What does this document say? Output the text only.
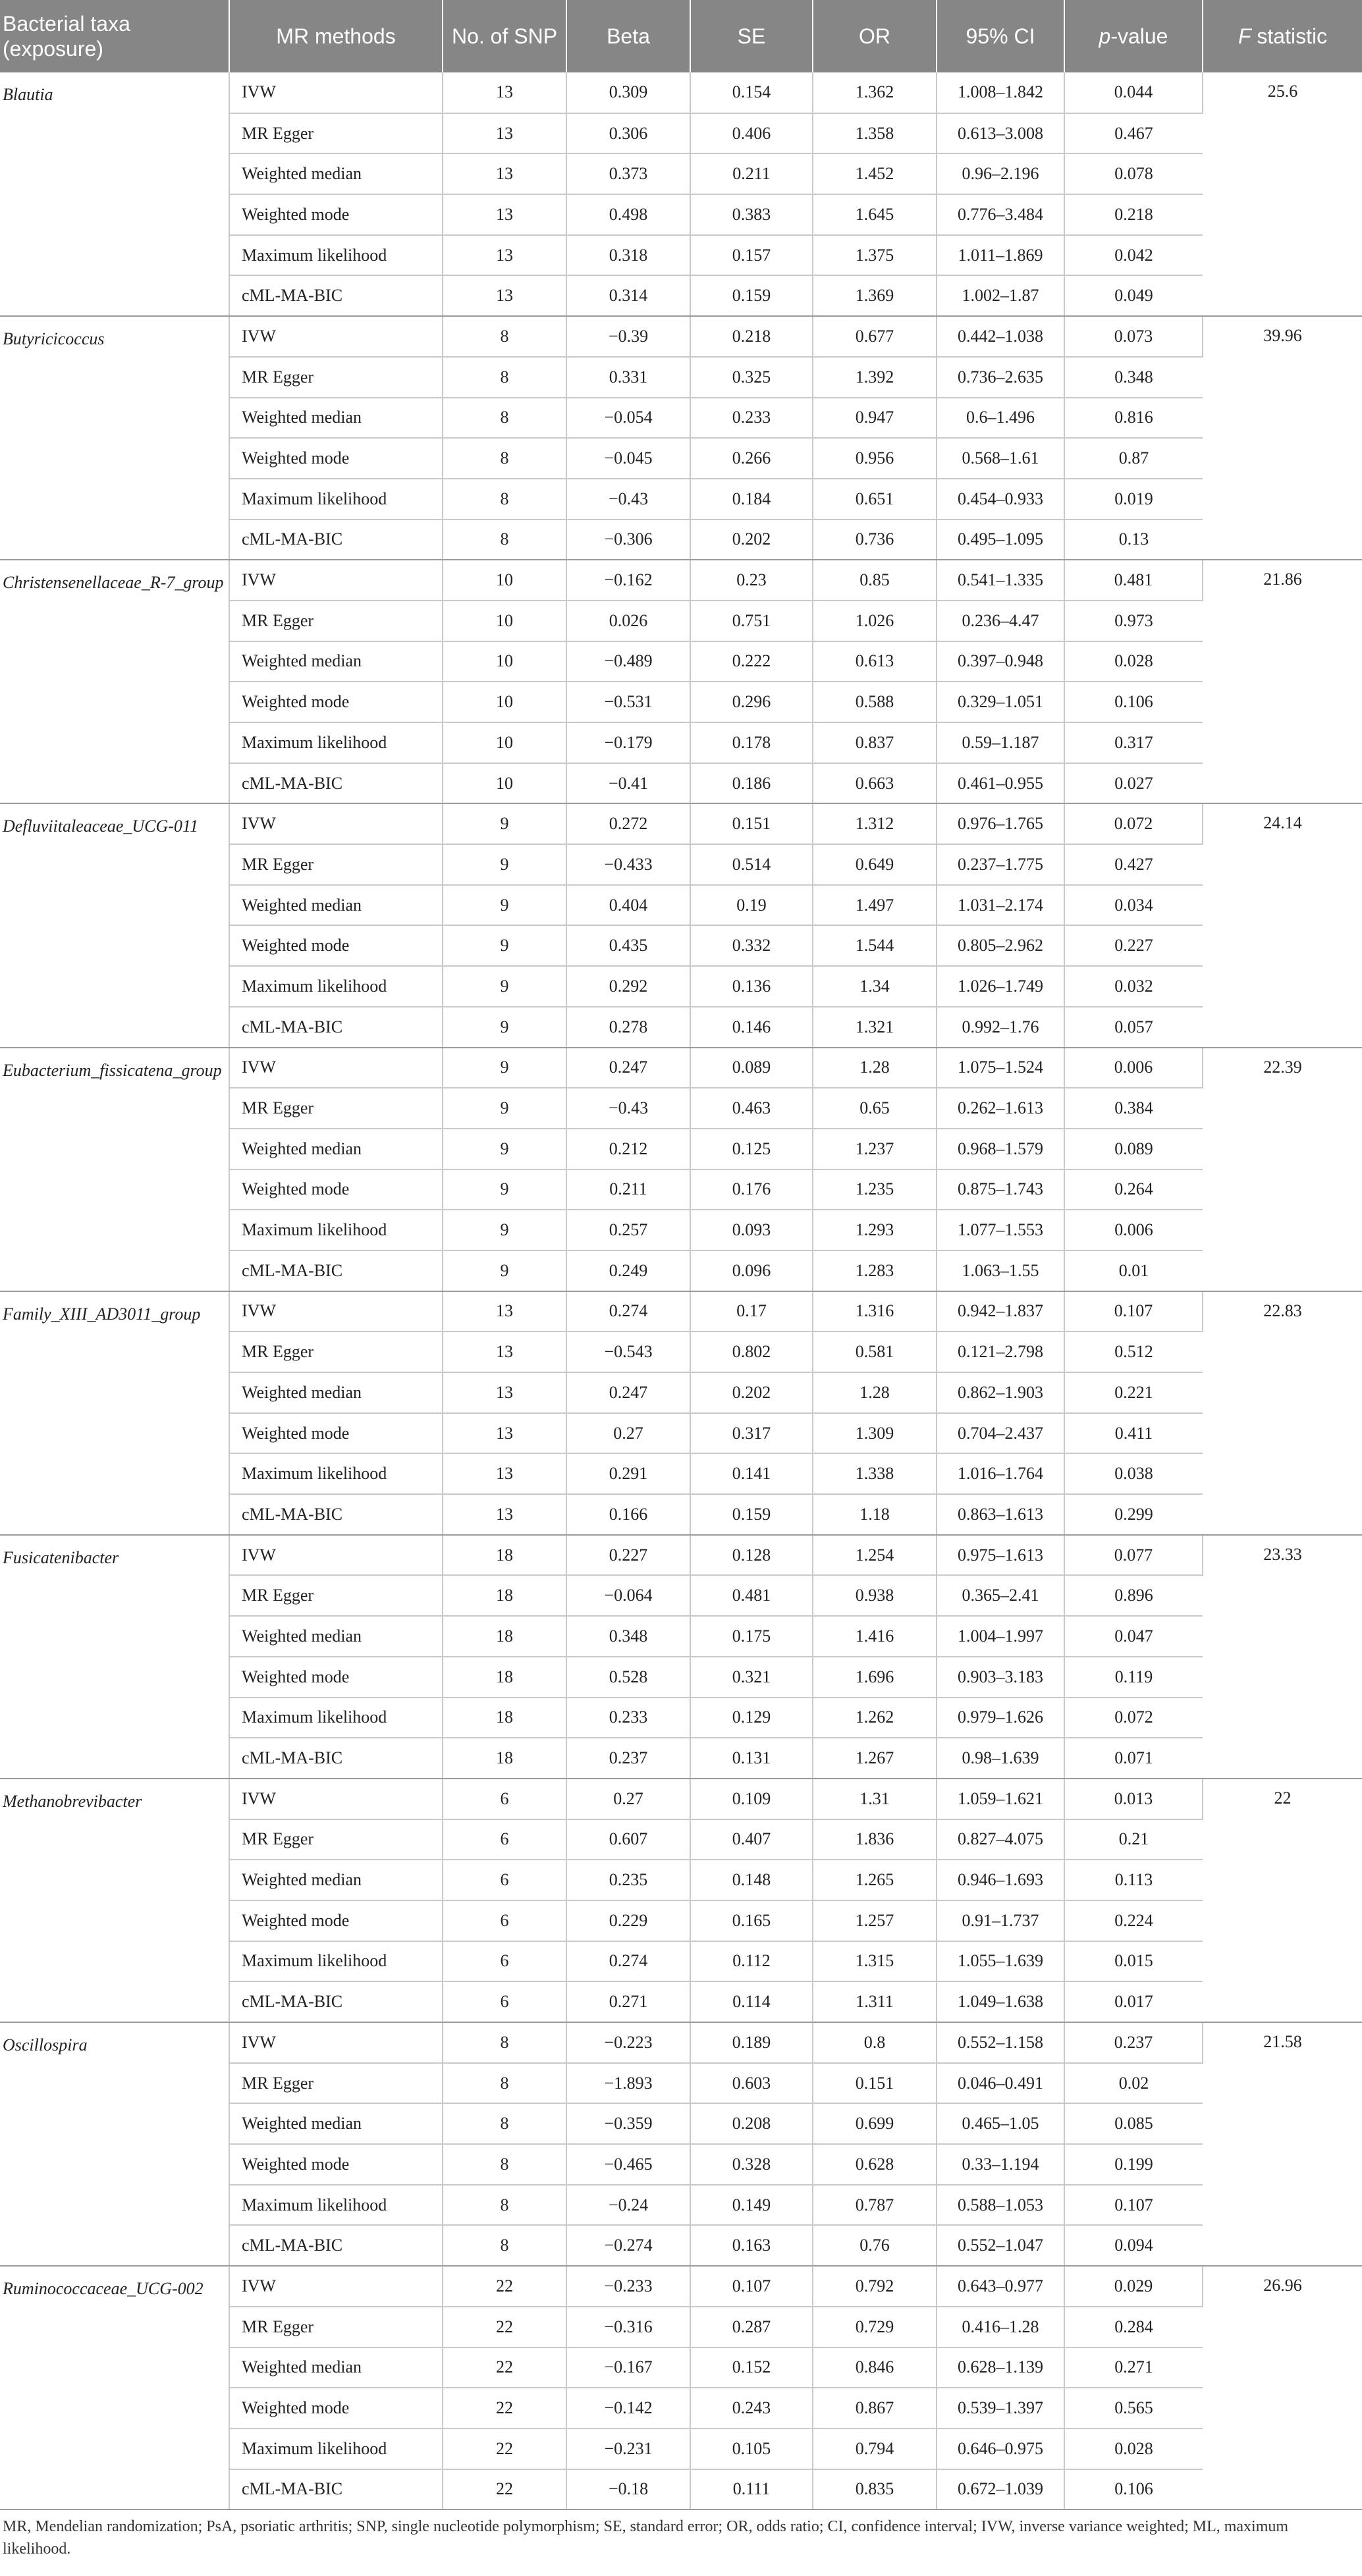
Bacterial taxa (exposure)	MR methods	No. of SNP	Beta	SE	OR	95% CI	p-value	F statistic
Blautia	IVW	13	0.309	0.154	1.362	1.008–1.842	0.044	25.6
	MR Egger	13	0.306	0.406	1.358	0.613–3.008	0.467	
	Weighted median	13	0.373	0.211	1.452	0.96–2.196	0.078	
	Weighted mode	13	0.498	0.383	1.645	0.776–3.484	0.218	
	Maximum likelihood	13	0.318	0.157	1.375	1.011–1.869	0.042	
	cML-MA-BIC	13	0.314	0.159	1.369	1.002–1.87	0.049	
Butyricicoccus	IVW	8	−0.39	0.218	0.677	0.442–1.038	0.073	39.96
	MR Egger	8	0.331	0.325	1.392	0.736–2.635	0.348	
	Weighted median	8	−0.054	0.233	0.947	0.6–1.496	0.816	
	Weighted mode	8	−0.045	0.266	0.956	0.568–1.61	0.87	
	Maximum likelihood	8	−0.43	0.184	0.651	0.454–0.933	0.019	
	cML-MA-BIC	8	−0.306	0.202	0.736	0.495–1.095	0.13	
Christensenellaceae_R-7_group	IVW	10	−0.162	0.23	0.85	0.541–1.335	0.481	21.86
	MR Egger	10	0.026	0.751	1.026	0.236–4.47	0.973	
	Weighted median	10	−0.489	0.222	0.613	0.397–0.948	0.028	
	Weighted mode	10	−0.531	0.296	0.588	0.329–1.051	0.106	
	Maximum likelihood	10	−0.179	0.178	0.837	0.59–1.187	0.317	
	cML-MA-BIC	10	−0.41	0.186	0.663	0.461–0.955	0.027	
Defluviitaleaceae_UCG-011	IVW	9	0.272	0.151	1.312	0.976–1.765	0.072	24.14
	MR Egger	9	−0.433	0.514	0.649	0.237–1.775	0.427	
	Weighted median	9	0.404	0.19	1.497	1.031–2.174	0.034	
	Weighted mode	9	0.435	0.332	1.544	0.805–2.962	0.227	
	Maximum likelihood	9	0.292	0.136	1.34	1.026–1.749	0.032	
	cML-MA-BIC	9	0.278	0.146	1.321	0.992–1.76	0.057	
Eubacterium_fissicatena_group	IVW	9	0.247	0.089	1.28	1.075–1.524	0.006	22.39
	MR Egger	9	−0.43	0.463	0.65	0.262–1.613	0.384	
	Weighted median	9	0.212	0.125	1.237	0.968–1.579	0.089	
	Weighted mode	9	0.211	0.176	1.235	0.875–1.743	0.264	
	Maximum likelihood	9	0.257	0.093	1.293	1.077–1.553	0.006	
	cML-MA-BIC	9	0.249	0.096	1.283	1.063–1.55	0.01	
Family_XIII_AD3011_group	IVW	13	0.274	0.17	1.316	0.942–1.837	0.107	22.83
	MR Egger	13	−0.543	0.802	0.581	0.121–2.798	0.512	
	Weighted median	13	0.247	0.202	1.28	0.862–1.903	0.221	
	Weighted mode	13	0.27	0.317	1.309	0.704–2.437	0.411	
	Maximum likelihood	13	0.291	0.141	1.338	1.016–1.764	0.038	
	cML-MA-BIC	13	0.166	0.159	1.18	0.863–1.613	0.299	
Fusicatenibacter	IVW	18	0.227	0.128	1.254	0.975–1.613	0.077	23.33
	MR Egger	18	−0.064	0.481	0.938	0.365–2.41	0.896	
	Weighted median	18	0.348	0.175	1.416	1.004–1.997	0.047	
	Weighted mode	18	0.528	0.321	1.696	0.903–3.183	0.119	
	Maximum likelihood	18	0.233	0.129	1.262	0.979–1.626	0.072	
	cML-MA-BIC	18	0.237	0.131	1.267	0.98–1.639	0.071	
Methanobrevibacter	IVW	6	0.27	0.109	1.31	1.059–1.621	0.013	22
	MR Egger	6	0.607	0.407	1.836	0.827–4.075	0.21	
	Weighted median	6	0.235	0.148	1.265	0.946–1.693	0.113	
	Weighted mode	6	0.229	0.165	1.257	0.91–1.737	0.224	
	Maximum likelihood	6	0.274	0.112	1.315	1.055–1.639	0.015	
	cML-MA-BIC	6	0.271	0.114	1.311	1.049–1.638	0.017	
Oscillospira	IVW	8	−0.223	0.189	0.8	0.552–1.158	0.237	21.58
	MR Egger	8	−1.893	0.603	0.151	0.046–0.491	0.02	
	Weighted median	8	−0.359	0.208	0.699	0.465–1.05	0.085	
	Weighted mode	8	−0.465	0.328	0.628	0.33–1.194	0.199	
	Maximum likelihood	8	−0.24	0.149	0.787	0.588–1.053	0.107	
	cML-MA-BIC	8	−0.274	0.163	0.76	0.552–1.047	0.094	
Ruminococcaceae_UCG-002	IVW	22	−0.233	0.107	0.792	0.643–0.977	0.029	26.96
	MR Egger	22	−0.316	0.287	0.729	0.416–1.28	0.284	
	Weighted median	22	−0.167	0.152	0.846	0.628–1.139	0.271	
	Weighted mode	22	−0.142	0.243	0.867	0.539–1.397	0.565	
	Maximum likelihood	22	−0.231	0.105	0.794	0.646–0.975	0.028	
	cML-MA-BIC	22	−0.18	0.111	0.835	0.672–1.039	0.106	
MR, Mendelian randomization; PsA, psoriatic arthritis; SNP, single nucleotide polymorphism; SE, standard error; OR, odds ratio; CI, confidence interval; IVW, inverse variance weighted; ML, maximum likelihood.
